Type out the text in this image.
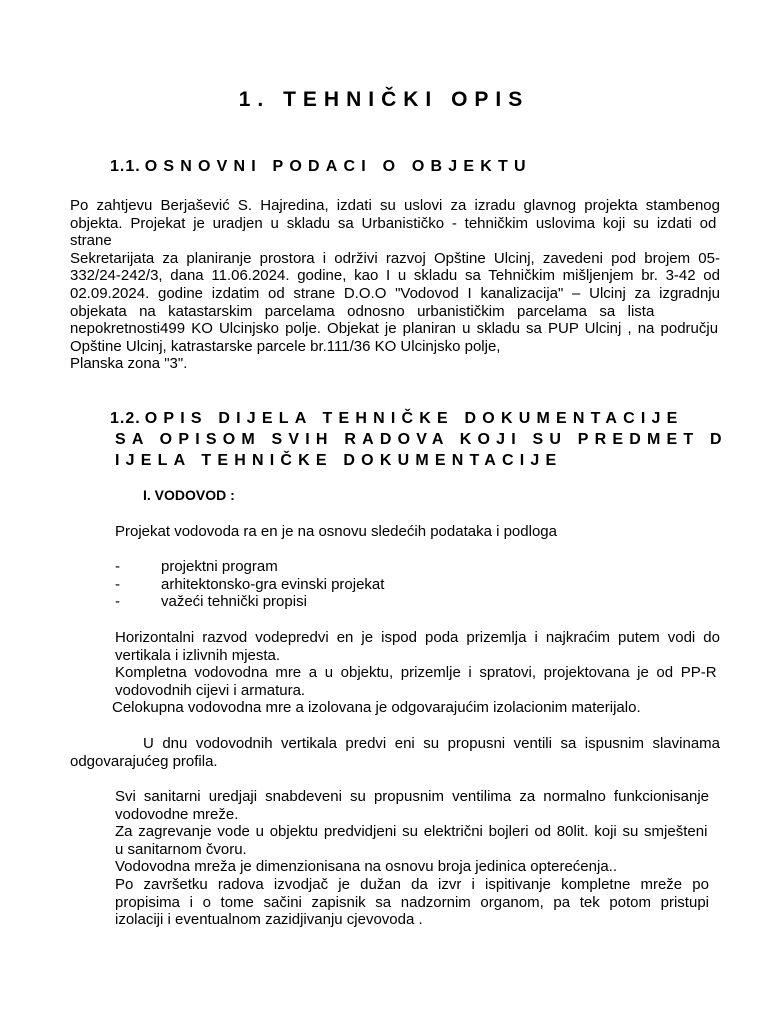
1. TEHNIČKI OPIS
1.1. OSNOVNI PODACI O OBJEKTU
Po zahtjevu Berjašević S. Hajredina, izdati su uslovi za izradu glavnog projekta stambenog
objekta. Projekat je uradjen u skladu sa Urbanističko - tehničkim uslovima koji su izdati od
strane
Sekretarijata za planiranje prostora i održivi razvoj Opštine Ulcinj, zavedeni pod brojem 05-
332/24-242/3, dana 11.06.2024. godine, kao I u skladu sa Tehničkim mišljenjem br. 3-42 od
02.09.2024. godine izdatim od strane D.O.O "Vodovod I kanalizacija" – Ulcinj za izgradnju
objekata na katastarskim parcelama odnosno urbanističkim parcelama sa lista
nepokretnosti499 KO Ulcinjsko polje. Objekat je planiran u skladu sa PUP Ulcinj , na području
Opštine Ulcinj, katrastarske parcele br.111/36 KO Ulcinjsko polje,
Planska zona "3".
1.2. OPIS DIJELA TEHNIČKE DOKUMENTACIJE
SA OPISOM SVIH RADOVA KOJI SU PREDMET D
IJELA TEHNIČKE DOKUMENTACIJE
I. VODOVOD :
Projekat vodovoda ra en je na osnovu sledećih podataka i podloga
-	projektni program
-	arhitektonsko-gra evinski projekat
-	važeći tehnički propisi
Horizontalni razvod vodepredvi en je ispod poda prizemlja i najkraćim putem vodi do
vertikala i izlivnih mjesta.
Kompletna vodovodna mre a u objektu, prizemlje i spratovi, projektovana je od PP-R
vodovodnih cijevi i armatura.
Celokupna vodovodna mre a izolovana je odgovarajućim izolacionim materijalo.
U dnu vodovodnih vertikala predvi eni su propusni ventili sa ispusnim slavinama
odgovarajućeg profila.
Svi sanitarni uredjaji snabdeveni su propusnim ventilima za normalno funkcionisanje
vodovodne mreže.
Za zagrevanje vode u objektu predvidjeni su električni bojleri od 80lit. koji su smješteni
u sanitarnom čvoru.
Vodovodna mreža je dimenzionisana na osnovu broja jedinica opterećenja..
Po završetku radova izvodjač je dužan da izvr i ispitivanje kompletne mreže po
propisima i o tome sačini zapisnik sa nadzornim organom, pa tek potom pristupi
izolaciji i eventualnom zazidjivanju cjevovoda .
